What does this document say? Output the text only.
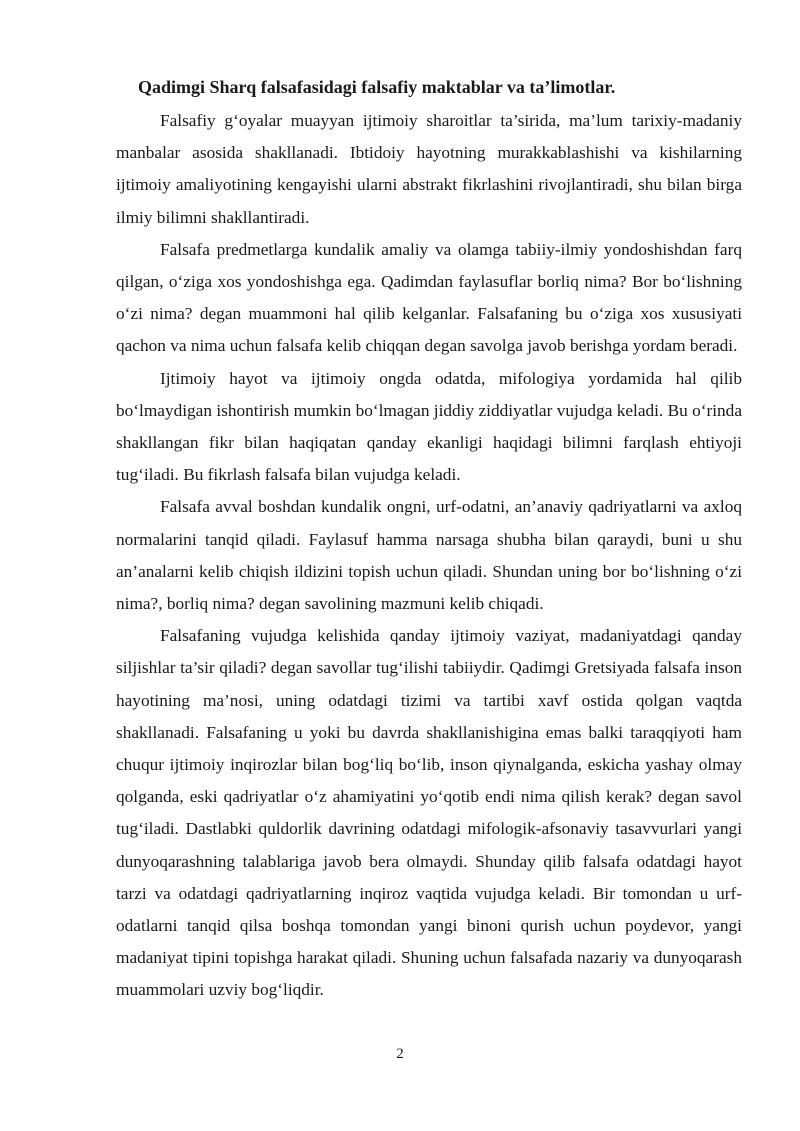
Qadimgi Sharq falsafasidagi falsafiy maktablar va ta’limotlar.

Falsafiy g‘oyalar muayyan ijtimoiy sharoitlar ta’sirida, ma’lum tarixiy-madaniy manbalar asosida shakllanadi. Ibtidoiy hayotning murakkablashishi va kishilarning ijtimoiy amaliyotining kengayishi ularni abstrakt fikrlashini rivojlantiradi, shu bilan birga ilmiy bilimni shakllantiradi.

Falsafa predmetlarga kundalik amaliy va olamga tabiiy-ilmiy yondoshishdan farq qilgan, o‘ziga xos yondoshishga ega. Qadimdan faylasuflar borliq nima? Bor bo‘lishning o‘zi nima? degan muammoni hal qilib kelganlar. Falsafaning bu o‘ziga xos xususiyati qachon va nima uchun falsafa kelib chiqqan degan savolga javob berishga yordam beradi.

Ijtimoiy hayot va ijtimoiy ongda odatda, mifologiya yordamida hal qilib bo‘lmaydigan ishontirish mumkin bo‘lmagan jiddiy ziddiyatlar vujudga keladi. Bu o‘rinda shakllangan fikr bilan haqiqatan qanday ekanligi haqidagi bilimni farqlash ehtiyoji tug‘iladi. Bu fikrlash falsafa bilan vujudga keladi.

Falsafa avval boshdan kundalik ongni, urf-odatni, an’anaviy qadriyatlarni va axloq normalarini tanqid qiladi. Faylasuf hamma narsaga shubha bilan qaraydi, buni u shu an’analarni kelib chiqish ildizini topish uchun qiladi. Shundan uning bor bo‘lishning o‘zi nima?, borliq nima? degan savolining mazmuni kelib chiqadi.

Falsafaning vujudga kelishida qanday ijtimoiy vaziyat, madaniyatdagi qanday siljishlar ta’sir qiladi? degan savollar tug‘ilishi tabiiydir. Qadimgi Gretsiyada falsafa inson hayotining ma’nosi, uning odatdagi tizimi va tartibi xavf ostida qolgan vaqtda shakllanadi. Falsafaning u yoki bu davrda shakllanishigina emas balki taraqqiyoti ham chuqur ijtimoiy inqirozlar bilan bog‘liq bo‘lib, inson qiynalganda, eskicha yashay olmay qolganda, eski qadriyatlar o‘z ahamiyatini yo‘qotib endi nima qilish kerak? degan savol tug‘iladi. Dastlabki quldorlik davrining odatdagi mifologik-afsonaviy tasavvurlari yangi dunyoqarashning talablariga javob bera olmaydi. Shunday qilib falsafa odatdagi hayot tarzi va odatdagi qadriyatlarning inqiroz vaqtida vujudga keladi. Bir tomondan u urf-odatlarni tanqid qilsa boshqa tomondan yangi binoni qurish uchun poydevor, yangi madaniyat tipini topishga harakat qiladi. Shuning uchun falsafada nazariy va dunyoqarash muammolari uzviy bog‘liqdir.

2
